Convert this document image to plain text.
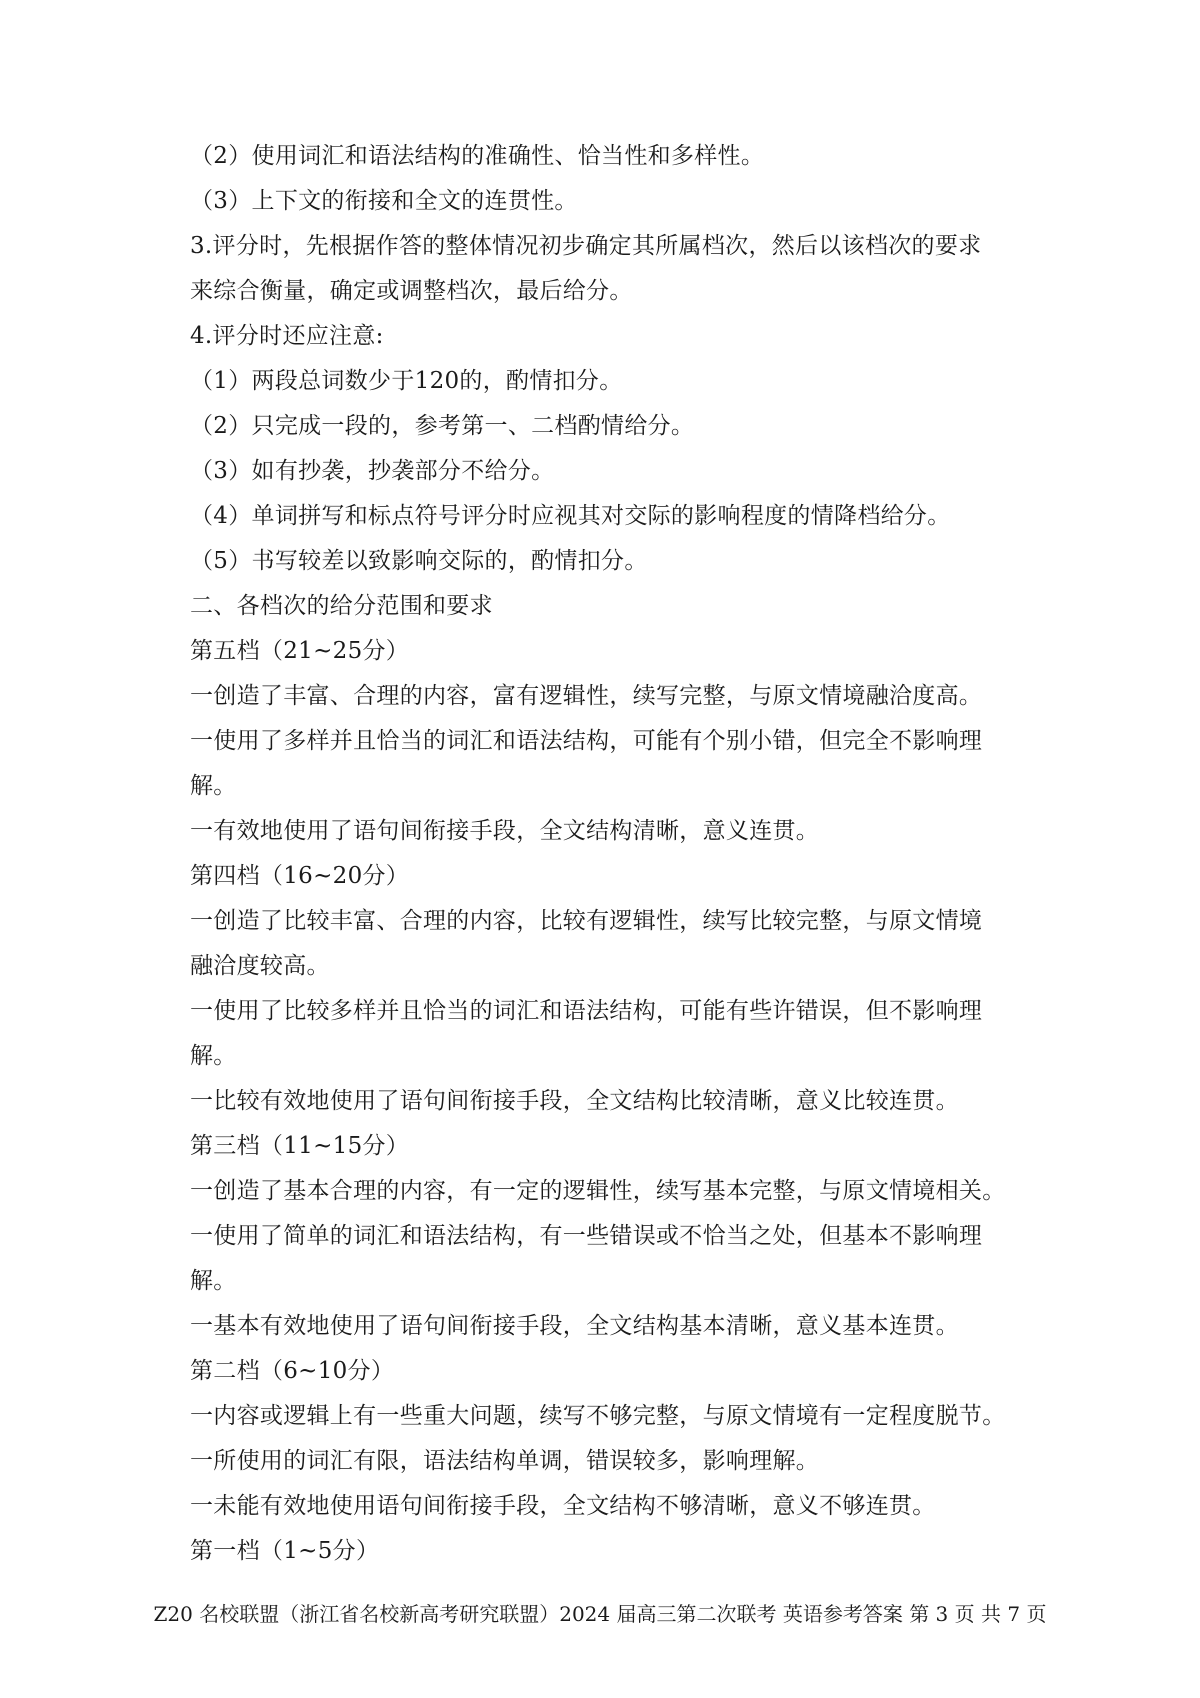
（2）使用词汇和语法结构的准确性、恰当性和多样性。
（3）上下文的衔接和全文的连贯性。
3.评分时，先根据作答的整体情况初步确定其所属档次，然后以该档次的要求
来综合衡量，确定或调整档次，最后给分。
4.评分时还应注意:
（1）两段总词数少于120的，酌情扣分。
（2）只完成一段的，参考第一、二档酌情给分。
（3）如有抄袭，抄袭部分不给分。
（4）单词拼写和标点符号评分时应视其对交际的影响程度的情降档给分。
（5）书写较差以致影响交际的，酌情扣分。
二、各档次的给分范围和要求
第五档（21~25分）
一创造了丰富、合理的内容，富有逻辑性，续写完整，与原文情境融洽度高。
一使用了多样并且恰当的词汇和语法结构，可能有个别小错，但完全不影响理
解。
一有效地使用了语句间衔接手段，全文结构清晰，意义连贯。
第四档（16~20分）
一创造了比较丰富、合理的内容，比较有逻辑性，续写比较完整，与原文情境
融洽度较高。
一使用了比较多样并且恰当的词汇和语法结构，可能有些许错误，但不影响理
解。
一比较有效地使用了语句间衔接手段，全文结构比较清晰，意义比较连贯。
第三档（11~15分）
一创造了基本合理的内容，有一定的逻辑性，续写基本完整，与原文情境相关。
一使用了简单的词汇和语法结构，有一些错误或不恰当之处，但基本不影响理
解。
一基本有效地使用了语句间衔接手段，全文结构基本清晰，意义基本连贯。
第二档（6~10分）
一内容或逻辑上有一些重大问题，续写不够完整，与原文情境有一定程度脱节。
一所使用的词汇有限，语法结构单调，错误较多，影响理解。
一未能有效地使用语句间衔接手段，全文结构不够清晰，意义不够连贯。
第一档（1~5分）
Z20 名校联盟（浙江省名校新高考研究联盟）2024 届高三第二次联考 英语参考答案 第 3 页 共 7 页
